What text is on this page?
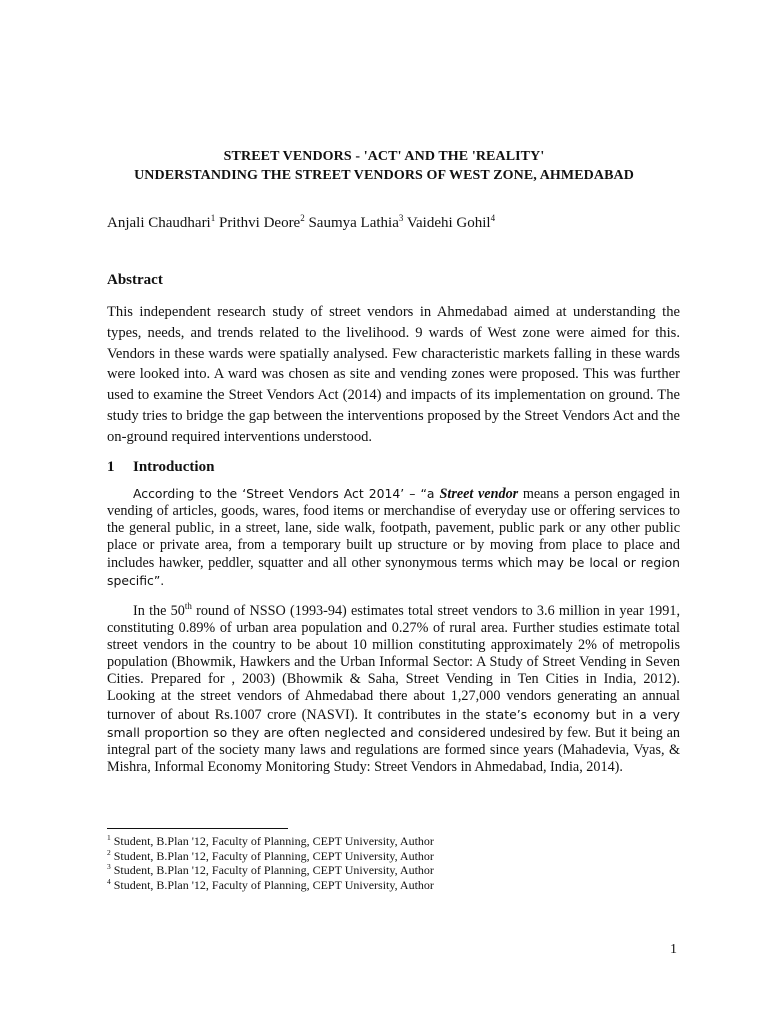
STREET VENDORS - 'ACT' AND THE 'REALITY'
UNDERSTANDING THE STREET VENDORS OF WEST ZONE, AHMEDABAD
Anjali Chaudhari$^1$ Prithvi Deore$^2$ Saumya Lathia$^3$ Vaidehi Gohil$^4$
Abstract

This independent research study of street vendors in Ahmedabad aimed at understanding the types, needs, and trends related to the livelihood. 9 wards of West zone were aimed for this. Vendors in these wards were spatially analysed. Few characteristic markets falling in these wards were looked into. A ward was chosen as site and vending zones were proposed. This was further used to examine the Street Vendors Act (2014) and impacts of its implementation on ground. The study tries to bridge the gap between the interventions proposed by the Street Vendors Act and the on-ground required interventions understood.

1 Introduction

According to the ‘Street Vendors Act 2014’ – “a Street vendor means a person engaged in vending of articles, goods, wares, food items or merchandise of everyday use or offering services to the general public, in a street, lane, side walk, footpath, pavement, public park or any other public place or private area, from a temporary built up structure or by moving from place to place and includes hawker, peddler, squatter and all other synonymous terms which may be local or region specific”.

In the 50th round of NSSO (1993-94) estimates total street vendors to 3.6 million in year 1991, constituting 0.89% of urban area population and 0.27% of rural area. Further studies estimate total street vendors in the country to be about 10 million constituting approximately 2% of metropolis population (Bhowmik, Hawkers and the Urban Informal Sector: A Study of Street Vending in Seven Cities. Prepared for , 2003) (Bhowmik & Saha, Street Vending in Ten Cities in India, 2012). Looking at the street vendors of Ahmedabad there about 1,27,000 vendors generating an annual turnover of about Rs.1007 crore (NASVI). It contributes in the state’s economy but in a very small proportion so they are often neglected and considered undesired by few. But it being an integral part of the society many laws and regulations are formed since years (Mahadevia, Vyas, & Mishra, Informal Economy Monitoring Study: Street Vendors in Ahmedabad, India, 2014).

$^1$ Student, B.Plan '12, Faculty of Planning, CEPT University, Author
$^2$ Student, B.Plan '12, Faculty of Planning, CEPT University, Author
$^3$ Student, B.Plan '12, Faculty of Planning, CEPT University, Author
$^4$ Student, B.Plan '12, Faculty of Planning, CEPT University, Author
1
